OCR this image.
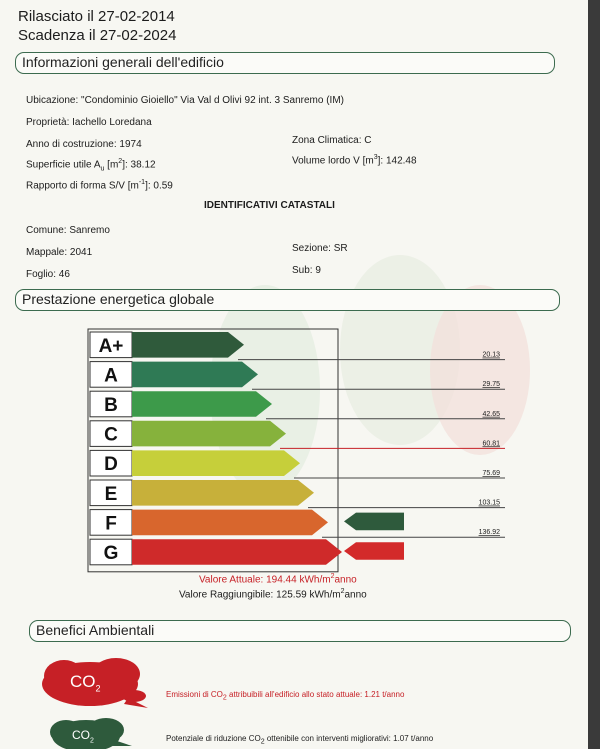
Rilasciato il 27-02-2014
Scadenza il 27-02-2024
Informazioni generali dell'edificio
Ubicazione: "Condominio Gioiello" Via Val d Olivi 92 int. 3 Sanremo (IM)
Proprietà: Iachello Loredana
Anno di costruzione: 1974	Zona Climatica: C
Superficie utile $A_u$ $[m^2]$: 38.12	Volume lordo V $[m^3]$: 142.48
Rapporto di forma S/V $[m^{-1}]$: 0.59
IDENTIFICATIVI CATASTALI
Comune: Sanremo
Mappale: 2041
Foglio: 46
Sezione: SR
Sub: 9
Prestazione energetica globale
A+	20.13
A	29.75
B	42.65
C	60.81
D	75.69
E	103.15
F	136.92
G
Valore Attuale: 194.44 kWh/$m^2anno$
Valore Raggiungibile: 125.59 kWh/$m^2anno$
Benefici Ambientali
$CO_2$
$CO_2$
Emissioni di $CO_2$ attribuibili all'edificio allo stato attuale: 1.21 t/anno
Potenziale di riduzione $CO_2$ ottenibile con interventi migliorativi: 1.07 t/anno
